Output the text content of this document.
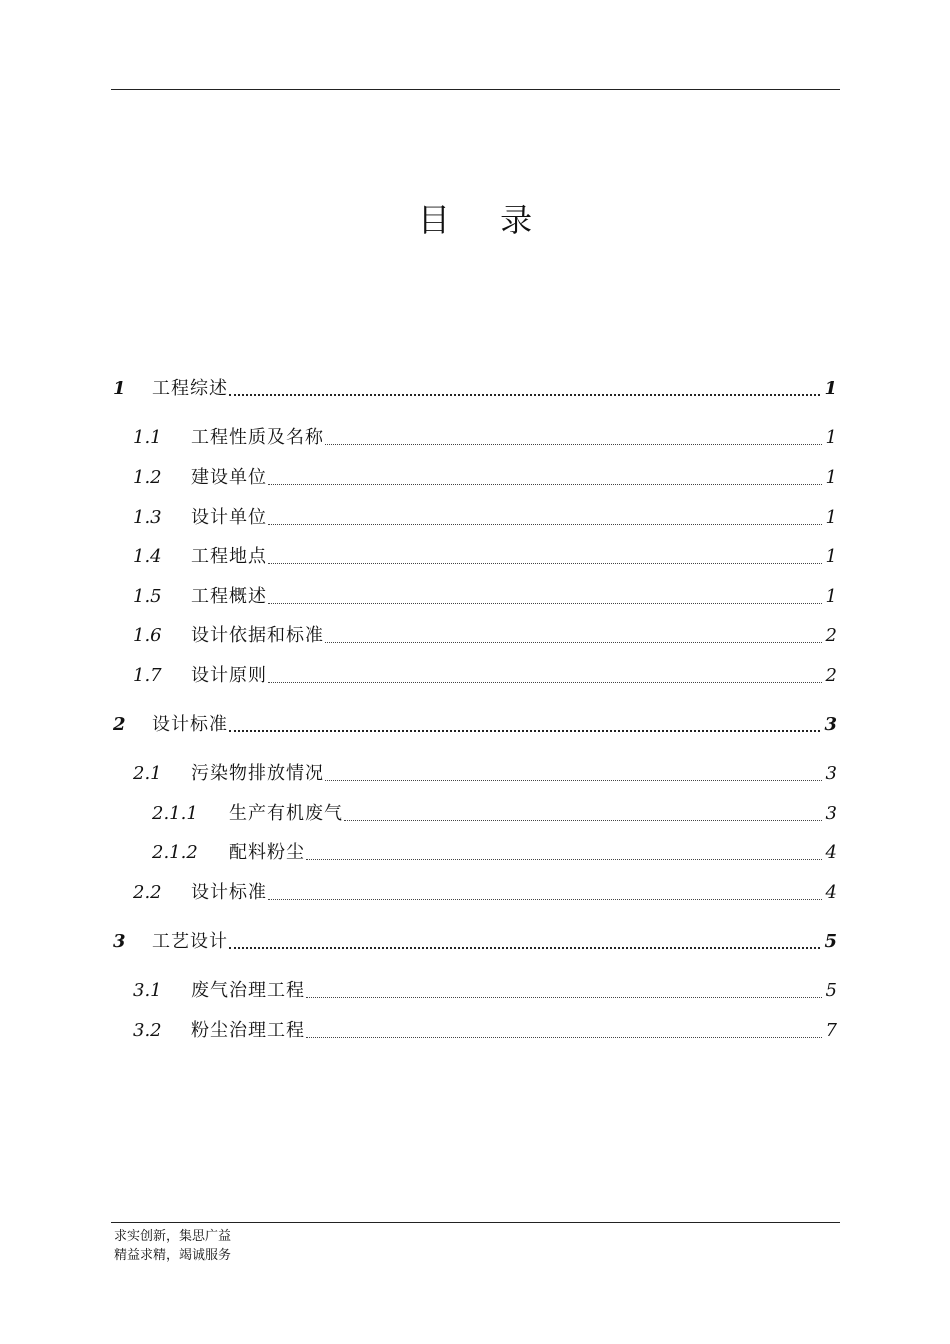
目 录
1	工程综述	1
1.1	工程性质及名称	1
1.2	建设单位	1
1.3	设计单位	1
1.4	工程地点	1
1.5	工程概述	1
1.6	设计依据和标准	2
1.7	设计原则	2
2	设计标准	3
2.1	污染物排放情况	3
2.1.1	生产有机废气	3
2.1.2	配料粉尘	4
2.2	设计标准	4
3	工艺设计	5
3.1	废气治理工程	5
3.2	粉尘治理工程	7
求实创新，集思广益
精益求精，竭诚服务
